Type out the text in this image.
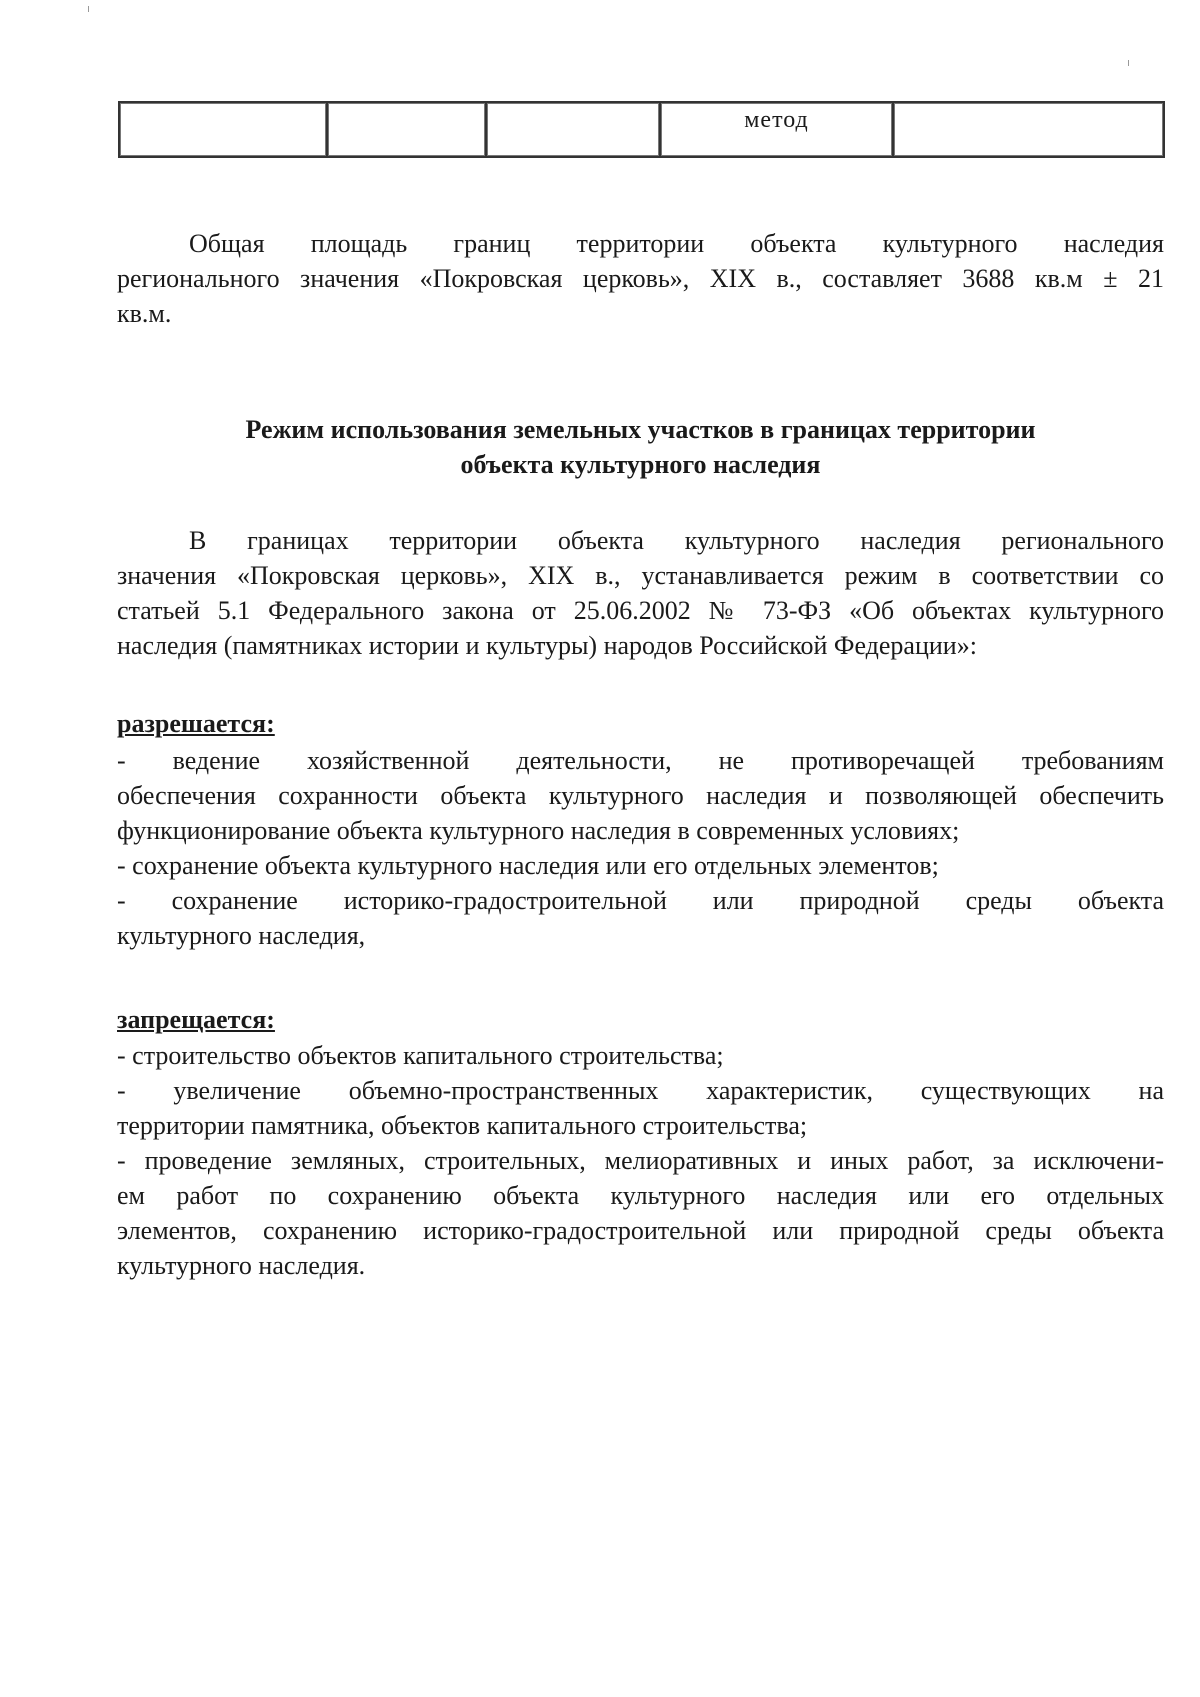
метод

Общая площадь границ территории объекта культурного наследия
регионального значения «Покровская церковь», XIX в., составляет 3688 кв.м ± 21
кв.м.
Режим использования земельных участков в границах территории
объекта культурного наследия
В границах территории объекта культурного наследия регионального
значения «Покровская церковь», XIX в., устанавливается режим в соответствии со
статьей 5.1 Федерального закона от 25.06.2002 № 73-ФЗ «Об объектах культурного
наследия (памятниках истории и культуры) народов Российской Федерации»:
разрешается:
- ведение хозяйственной деятельности, не противоречащей требованиям
обеспечения сохранности объекта культурного наследия и позволяющей обеспечить
функционирование объекта культурного наследия в современных условиях;
- сохранение объекта культурного наследия или его отдельных элементов;
- сохранение историко-градостроительной или природной среды объекта
культурного наследия,
запрещается:
- строительство объектов капитального строительства;
- увеличение объемно-пространственных характеристик, существующих на
территории памятника, объектов капитального строительства;
- проведение земляных, строительных, мелиоративных и иных работ, за исключени-
ем работ по сохранению объекта культурного наследия или его отдельных
элементов, сохранению историко-градостроительной или природной среды объекта
культурного наследия.
